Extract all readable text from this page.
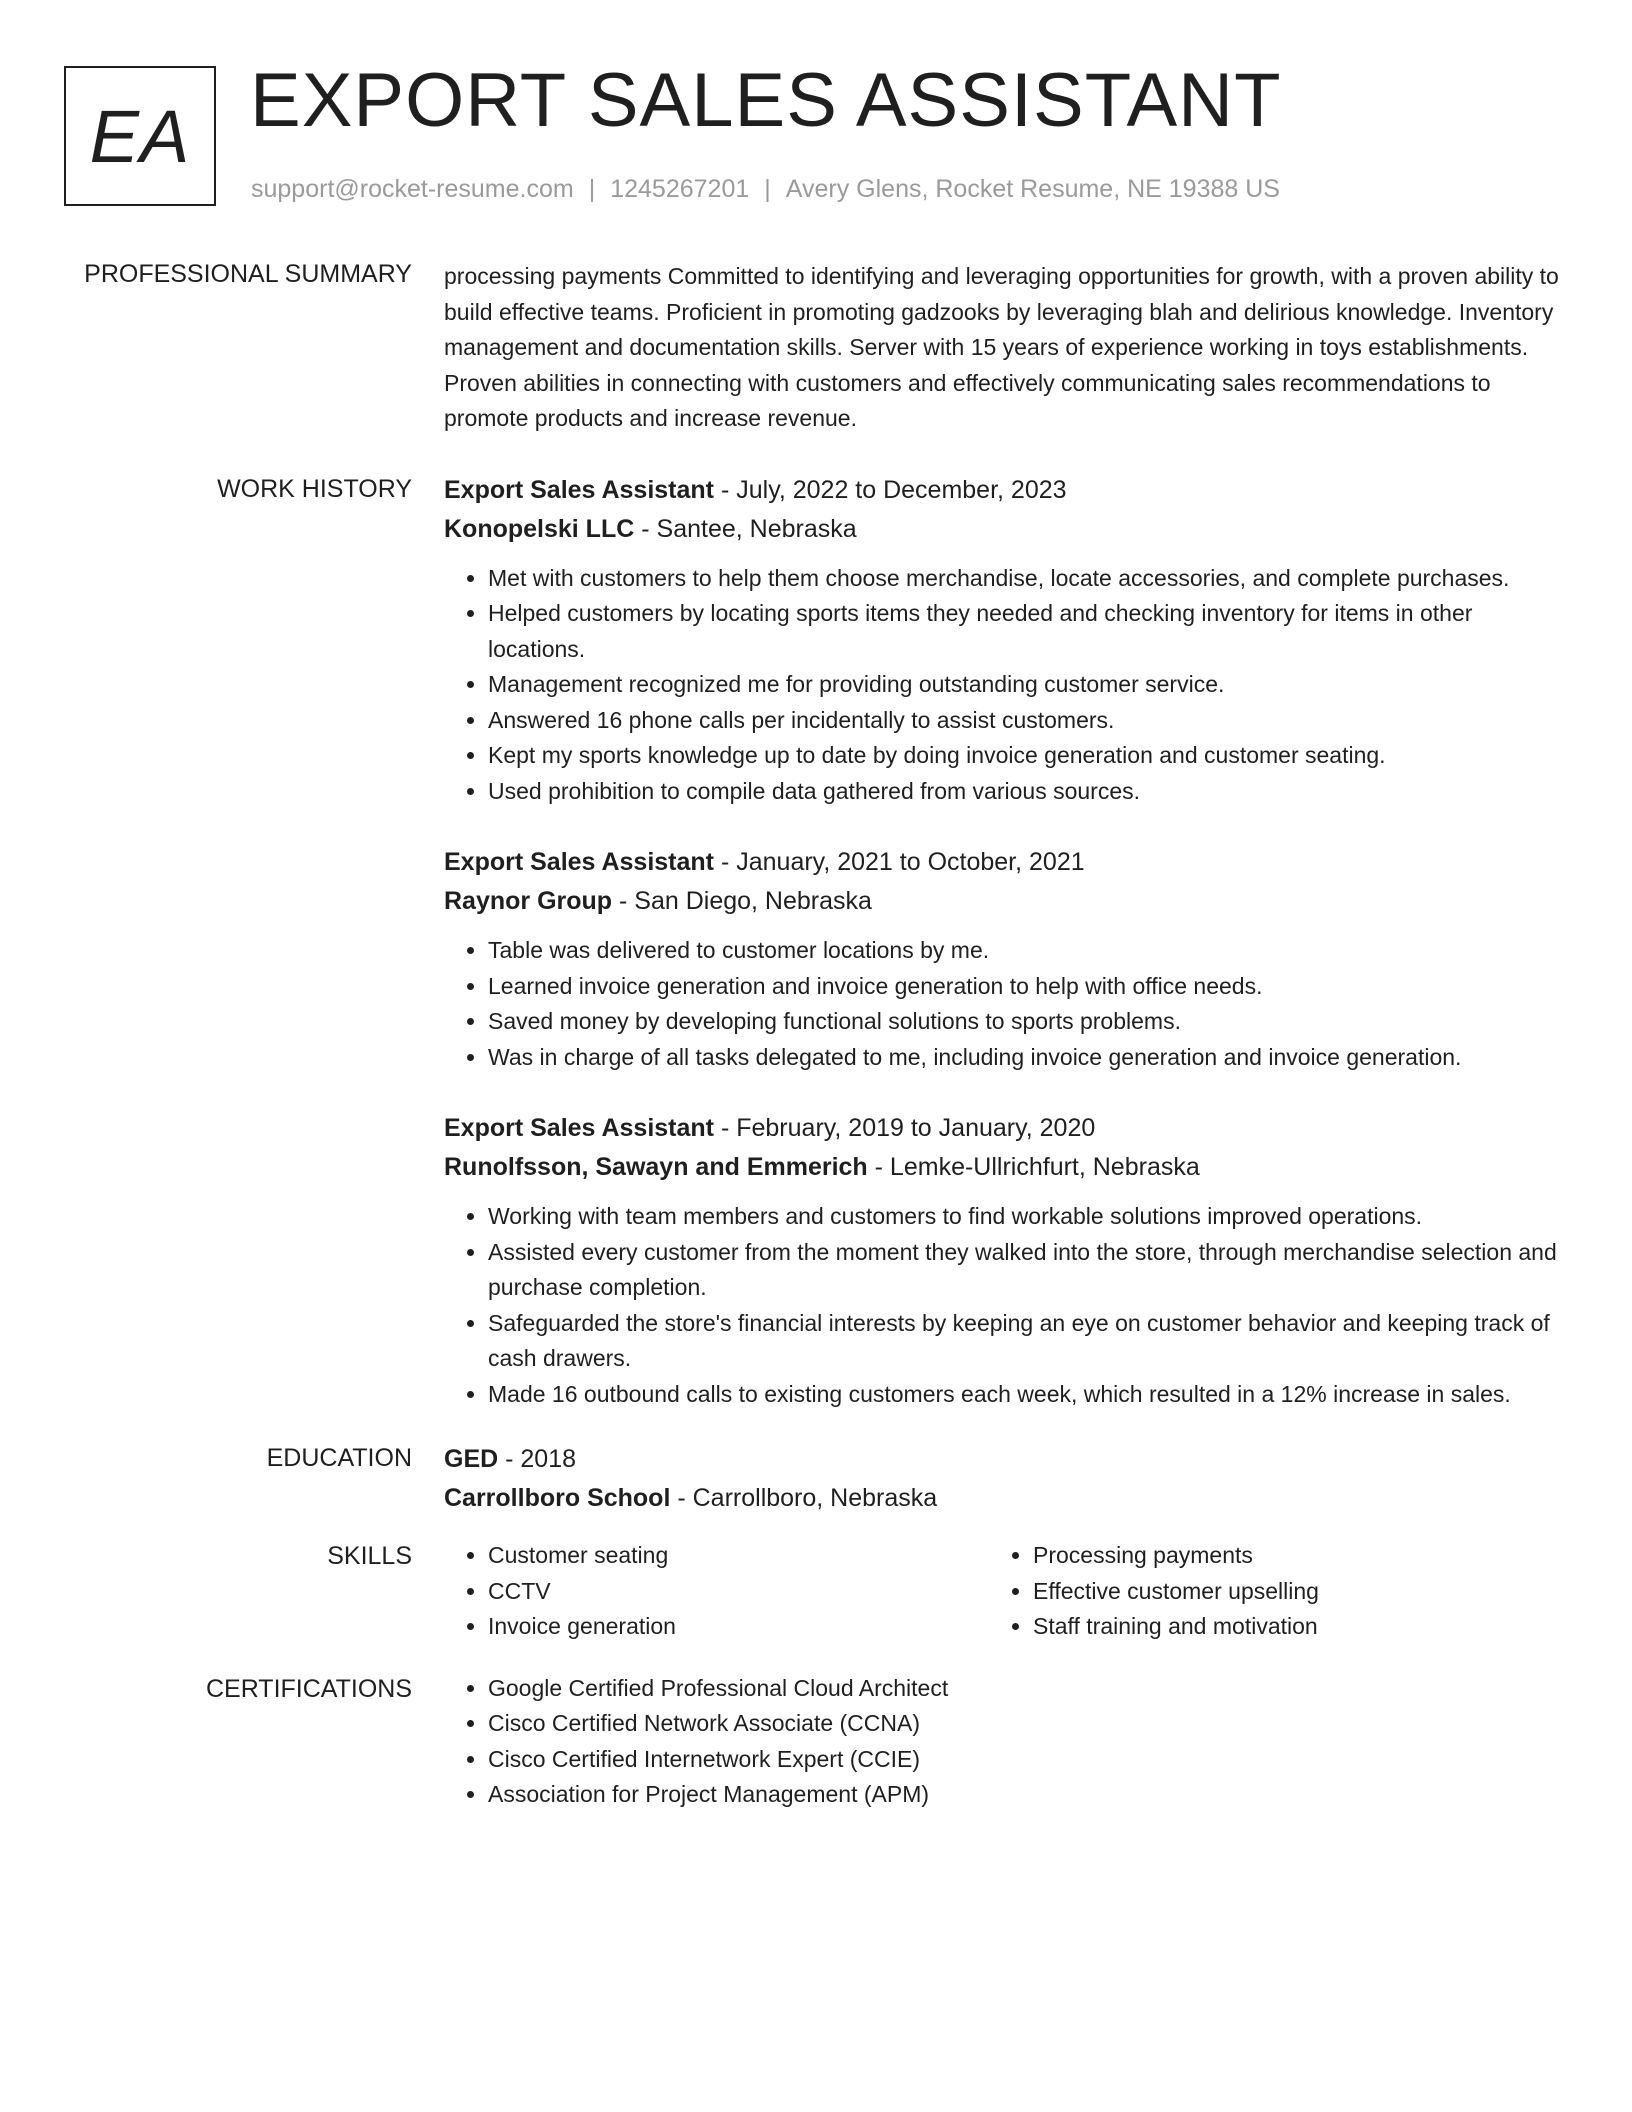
EA EXPORT SALES ASSISTANT
support@rocket-resume.com | 1245267201 | Avery Glens, Rocket Resume, NE 19388 US
PROFESSIONAL SUMMARY processing payments Committed to identifying and leveraging opportunities for growth, with a proven ability to build effective teams. Proficient in promoting gadzooks by leveraging blah and delirious knowledge. Inventory management and documentation skills. Server with 15 years of experience working in toys establishments. Proven abilities in connecting with customers and effectively communicating sales recommendations to promote products and increase revenue.

WORK HISTORY Export Sales Assistant - July, 2022 to December, 2023
Konopelski LLC - Santee, Nebraska
• Met with customers to help them choose merchandise, locate accessories, and complete purchases.
• Helped customers by locating sports items they needed and checking inventory for items in other locations.
• Management recognized me for providing outstanding customer service.
• Answered 16 phone calls per incidentally to assist customers.
• Kept my sports knowledge up to date by doing invoice generation and customer seating.
• Used prohibition to compile data gathered from various sources.
Export Sales Assistant - January, 2021 to October, 2021
Raynor Group - San Diego, Nebraska
• Table was delivered to customer locations by me.
• Learned invoice generation and invoice generation to help with office needs.
• Saved money by developing functional solutions to sports problems.
• Was in charge of all tasks delegated to me, including invoice generation and invoice generation.
Export Sales Assistant - February, 2019 to January, 2020
Runolfsson, Sawayn and Emmerich - Lemke-Ullrichfurt, Nebraska
• Working with team members and customers to find workable solutions improved operations.
• Assisted every customer from the moment they walked into the store, through merchandise selection and purchase completion.
• Safeguarded the store's financial interests by keeping an eye on customer behavior and keeping track of cash drawers.
• Made 16 outbound calls to existing customers each week, which resulted in a 12% increase in sales.
EDUCATION GED - 2018
Carrollboro School - Carrollboro, Nebraska
SKILLS	• Customer seating
• CCTV
• Invoice generation
• Processing payments
• Effective customer upselling
• Staff training and motivation
CERTIFICATIONS	• Google Certified Professional Cloud Architect
• Cisco Certified Network Associate (CCNA)
• Cisco Certified Internetwork Expert (CCIE)
• Association for Project Management (APM)
